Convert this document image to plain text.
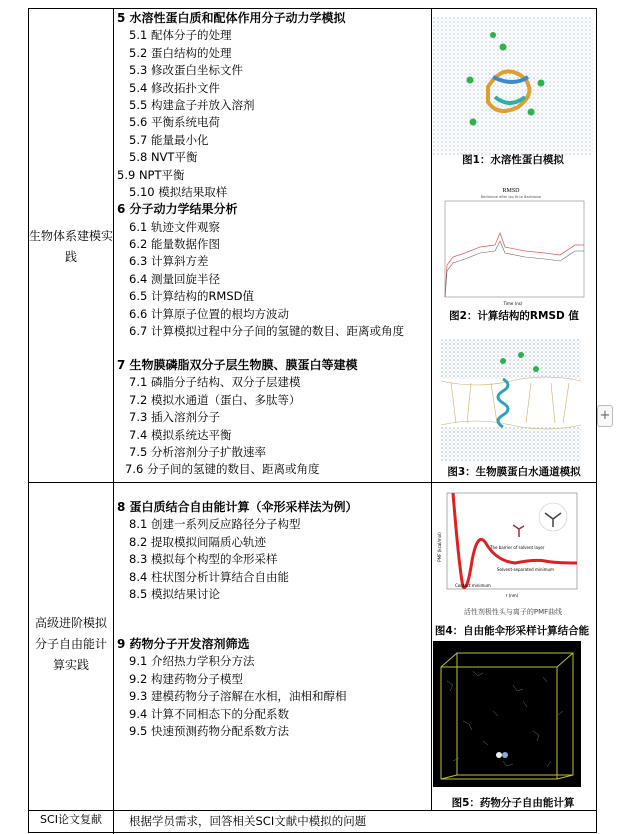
生物体系建模实践
高级进阶模拟分子自由能计算实践
SCI论文复献
5 水溶性蛋白质和配体作用分子动力学模拟
5.1 配体分子的处理
5.2 蛋白结构的处理
5.3 修改蛋白坐标文件
5.4 修改拓扑文件
5.5 构建盒子并放入溶剂
5.6 平衡系统电荷
5.7 能量最小化
5.8 NVT平衡
5.9 NPT平衡
5.10 模拟结果取样
6 分子动力学结果分析
6.1 轨迹文件观察
6.2 能量数据作图
6.3 计算斜方差
6.4 测量回旋半径
6.5 计算结构的RMSD值
6.6 计算原子位置的根均方波动
6.7 计算模拟过程中分子间的氢键的数目、距离或角度
7 生物膜磷脂双分子层生物膜、膜蛋白等建模
7.1 磷脂分子结构、双分子层建模
7.2 模拟水通道（蛋白、多肽等）
7.3 插入溶剂分子
7.4 模拟系统达平衡
7.5 分析溶剂分子扩散速率
7.6 分子间的氢键的数目、距离或角度
8 蛋白质结合自由能计算（伞形采样法为例）
8.1 创建一系列反应路径分子构型
8.2 提取模拟间隔质心轨迹
8.3 模拟每个构型的伞形采样
8.4 柱状图分析计算结合自由能
8.5 模拟结果讨论
9 药物分子开发溶剂筛选
9.1 介绍热力学积分方法
9.2 构建药物分子模型
9.3 建模药物分子溶解在水相，油相和醇相
9.4 计算不同相态下的分配系数
9.5 快速预测药物分配系数方法
根据学员需求，回答相关SCI文献中模拟的问题
图1：水溶性蛋白模拟
RMSD
Backbone after lsq fit to Backbone
Time (ns)
图2：计算结构的RMSD 值
图3：生物膜蛋白水通道模拟
The barrier of solvent layer
Solvent-separated minimum
Contact minimum
r (nm)
PMF (kcal/mol)
活性剂极性头与离子的PMF曲线
图4：自由能伞形采样计算结合能
图5：药物分子自由能计算
+
